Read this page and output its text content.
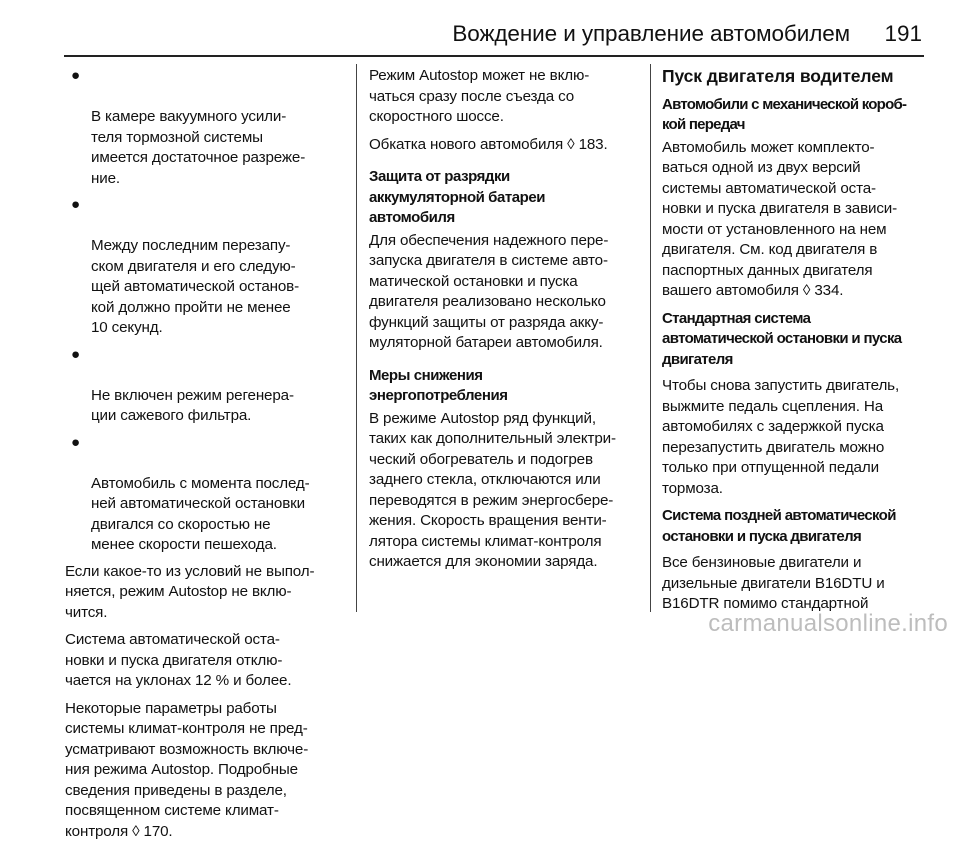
Вождение и управление автомобилем 191

●

В камере вакуумного усили-
теля тормозной системы
имеется достаточное разреже-
ние.

●

Между последним перезапу-
ском двигателя и его следую-
щей автоматической останов-
кой должно пройти не менее
10 секунд.

●

Не включен режим регенера-
ции сажевого фильтра.

●

Автомобиль с момента послед-
ней автоматической остановки
двигался со скоростью не
менее скорости пешехода.

Если какое-то из условий не выпол-
няется, режим Autostop не вклю-
чится.
Система автоматической оста-
новки и пуска двигателя отклю-
чается на уклонах 12 % и более.
Некоторые параметры работы
системы климат-контроля не пред-
усматривают возможность включе-
ния режима Autostop. Подробные
сведения приведены в разделе,
посвященном системе климат-
контроля ◊ 170.
Режим Autostop может не вклю-
чаться сразу после съезда со
скоростного шоссе.
Обкатка нового автомобиля ◊ 183.
Защита от разрядки
аккумуляторной батареи
автомобиля
Для обеспечения надежного пере-
запуска двигателя в системе авто-
матической остановки и пуска
двигателя реализовано несколько
функций защиты от разряда акку-
муляторной батареи автомобиля.
Меры снижения
энергопотребления
В режиме Autostop ряд функций,
таких как дополнительный электри-
ческий обогреватель и подогрев
заднего стекла, отключаются или
переводятся в режим энергосбере-
жения. Скорость вращения венти-
лятора системы климат-контроля
снижается для экономии заряда.
Пуск двигателя водителем
Автомобили с механической короб-
кой передач
Автомобиль может комплекто-
ваться одной из двух версий
системы автоматической оста-
новки и пуска двигателя в зависи-
мости от установленного на нем
двигателя. См. код двигателя в
паспортных данных двигателя
вашего автомобиля ◊ 334.
Стандартная система
автоматической остановки и пуска
двигателя
Чтобы снова запустить двигатель,
выжмите педаль сцепления. На
автомобилях с задержкой пуска
перезапустить двигатель можно
только при отпущенной педали
тормоза.
Система поздней автоматической
остановки и пуска двигателя
Все бензиновые двигатели и
дизельные двигатели B16DTU и
B16DTR помимо стандартной
carmanualsonline.info
